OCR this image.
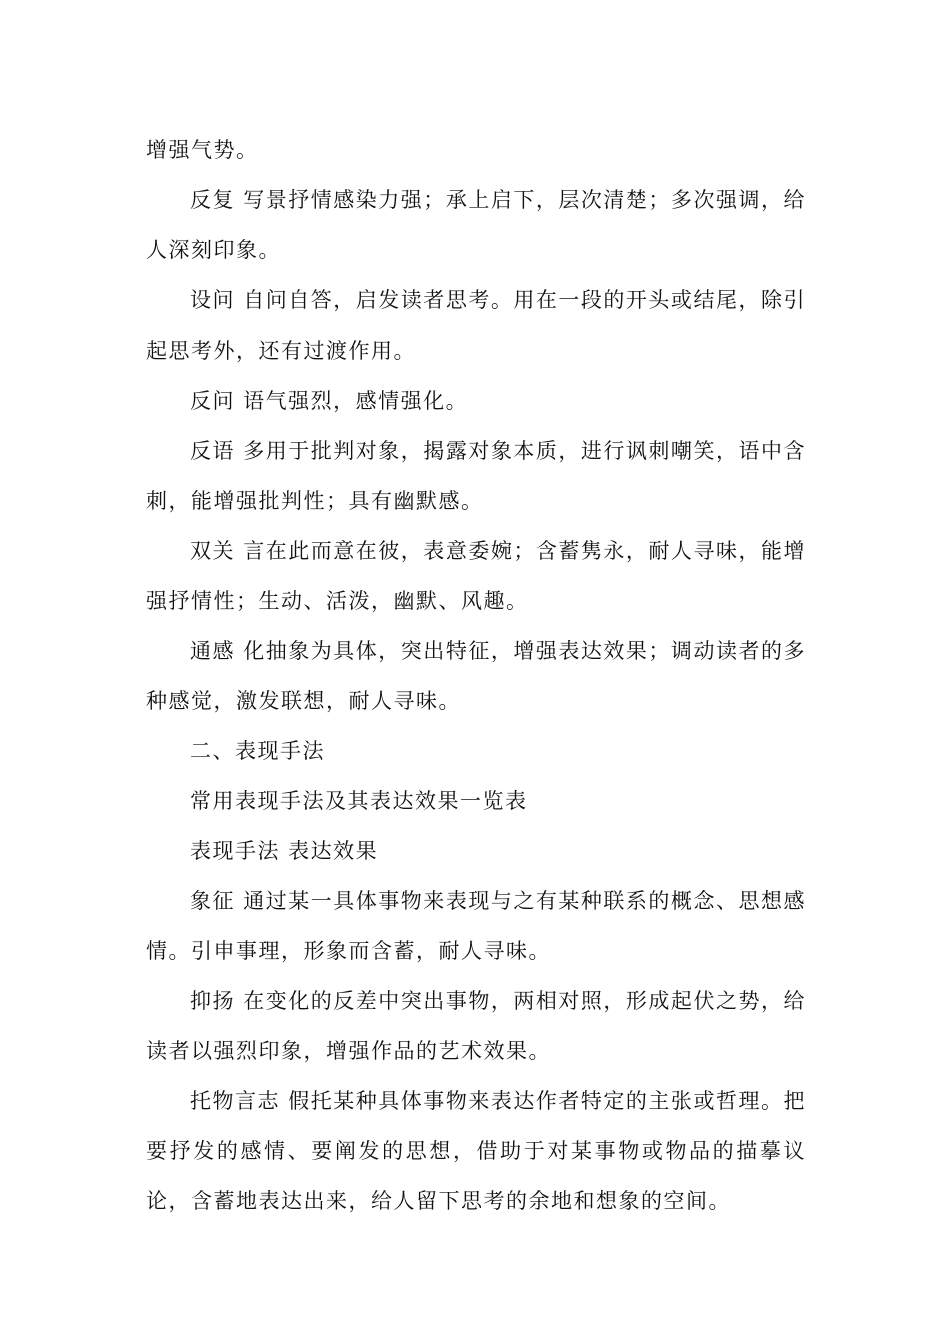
增强气势。
反复 写景抒情感染力强；承上启下，层次清楚；多次强调，给
人深刻印象。
设问 自问自答，启发读者思考。用在一段的开头或结尾，除引
起思考外，还有过渡作用。
反问 语气强烈，感情强化。
反语 多用于批判对象，揭露对象本质，进行讽刺嘲笑，语中含
刺，能增强批判性；具有幽默感。
双关 言在此而意在彼，表意委婉；含蓄隽永，耐人寻味，能增
强抒情性；生动、活泼，幽默、风趣。
通感 化抽象为具体，突出特征，增强表达效果；调动读者的多
种感觉，激发联想，耐人寻味。
二、表现手法
常用表现手法及其表达效果一览表
表现手法 表达效果
象征 通过某一具体事物来表现与之有某种联系的概念、思想感
情。引申事理，形象而含蓄，耐人寻味。
抑扬 在变化的反差中突出事物，两相对照，形成起伏之势，给
读者以强烈印象，增强作品的艺术效果。
托物言志 假托某种具体事物来表达作者特定的主张或哲理。把
要抒发的感情、要阐发的思想，借助于对某事物或物品的描摹议
论，含蓄地表达出来，给人留下思考的余地和想象的空间。
